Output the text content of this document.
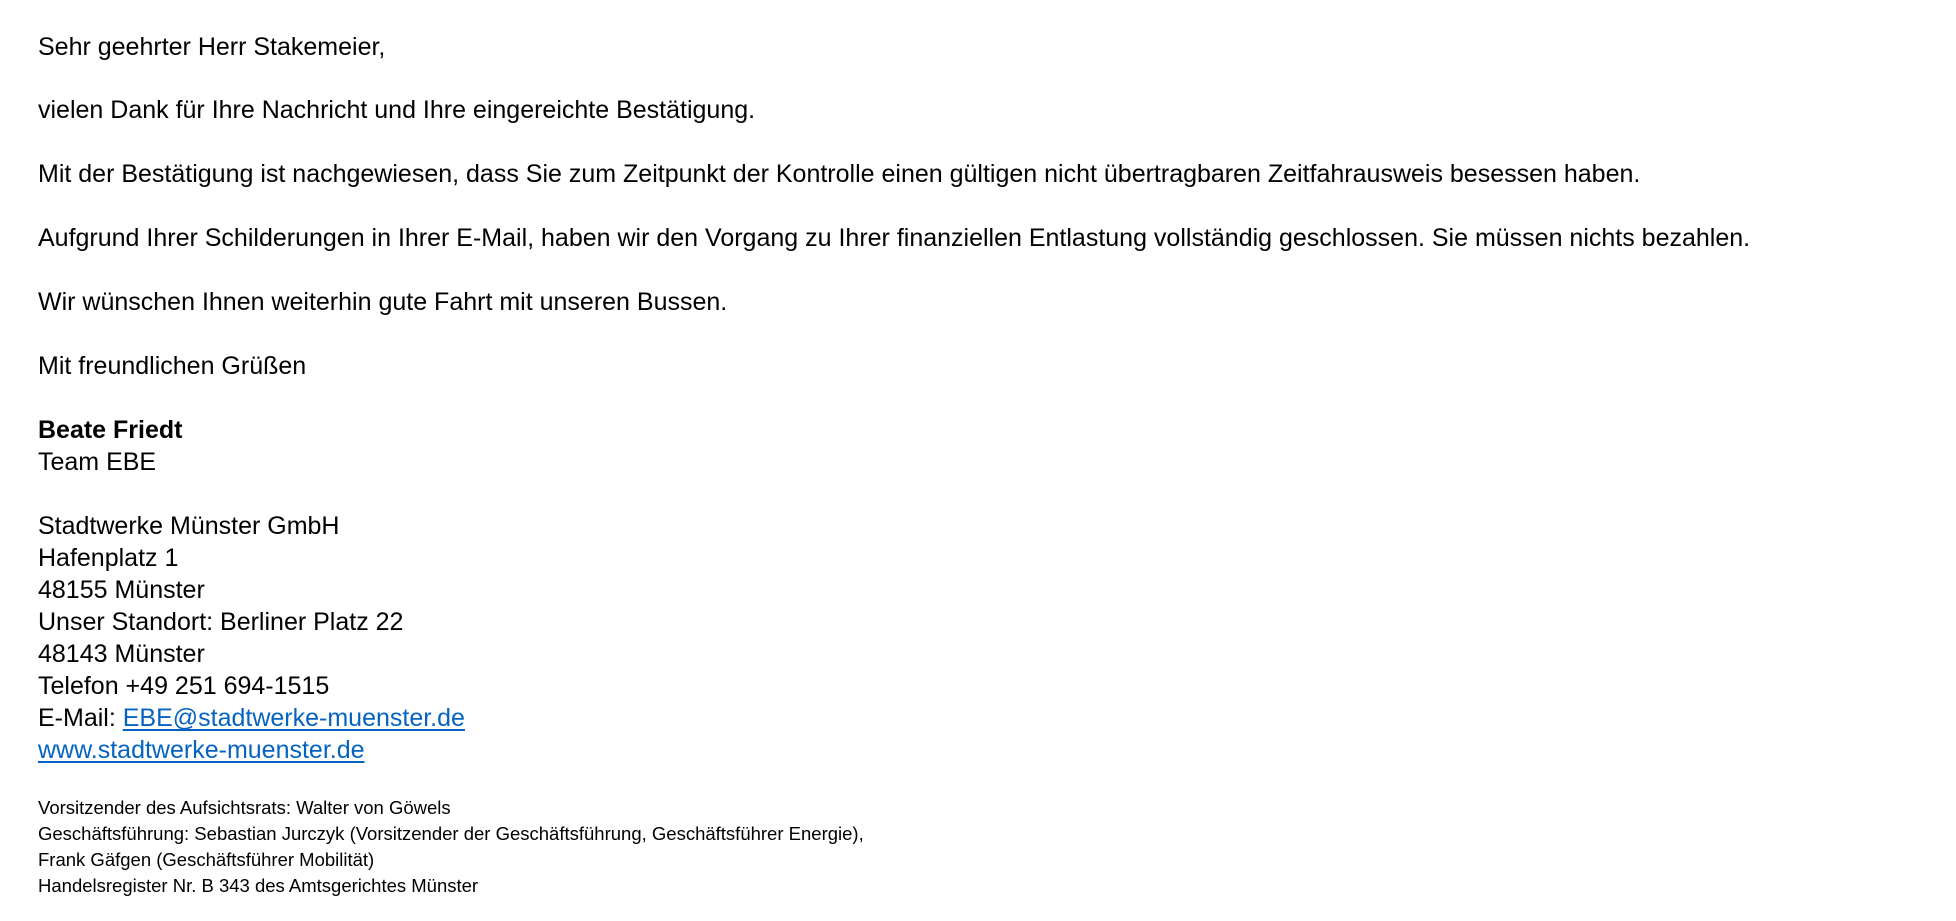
Sehr geehrter Herr Stakemeier,

vielen Dank für Ihre Nachricht und Ihre eingereichte Bestätigung.

Mit der Bestätigung ist nachgewiesen, dass Sie zum Zeitpunkt der Kontrolle einen gültigen nicht übertragbaren Zeitfahrausweis besessen haben.

Aufgrund Ihrer Schilderungen in Ihrer E-Mail, haben wir den Vorgang zu Ihrer finanziellen Entlastung vollständig geschlossen. Sie müssen nichts bezahlen.

Wir wünschen Ihnen weiterhin gute Fahrt mit unseren Bussen.

Mit freundlichen Grüßen

Beate Friedt
Team EBE
Stadtwerke Münster GmbH
Hafenplatz 1
48155 Münster
Unser Standort: Berliner Platz 22
48143 Münster
Telefon +49 251 694-1515
E-Mail: EBE@stadtwerke-muenster.de
www.stadtwerke-muenster.de
Vorsitzender des Aufsichtsrats: Walter von Göwels
Geschäftsführung: Sebastian Jurczyk (Vorsitzender der Geschäftsführung, Geschäftsführer Energie),
Frank Gäfgen (Geschäftsführer Mobilität)
Handelsregister Nr. B 343 des Amtsgerichtes Münster
